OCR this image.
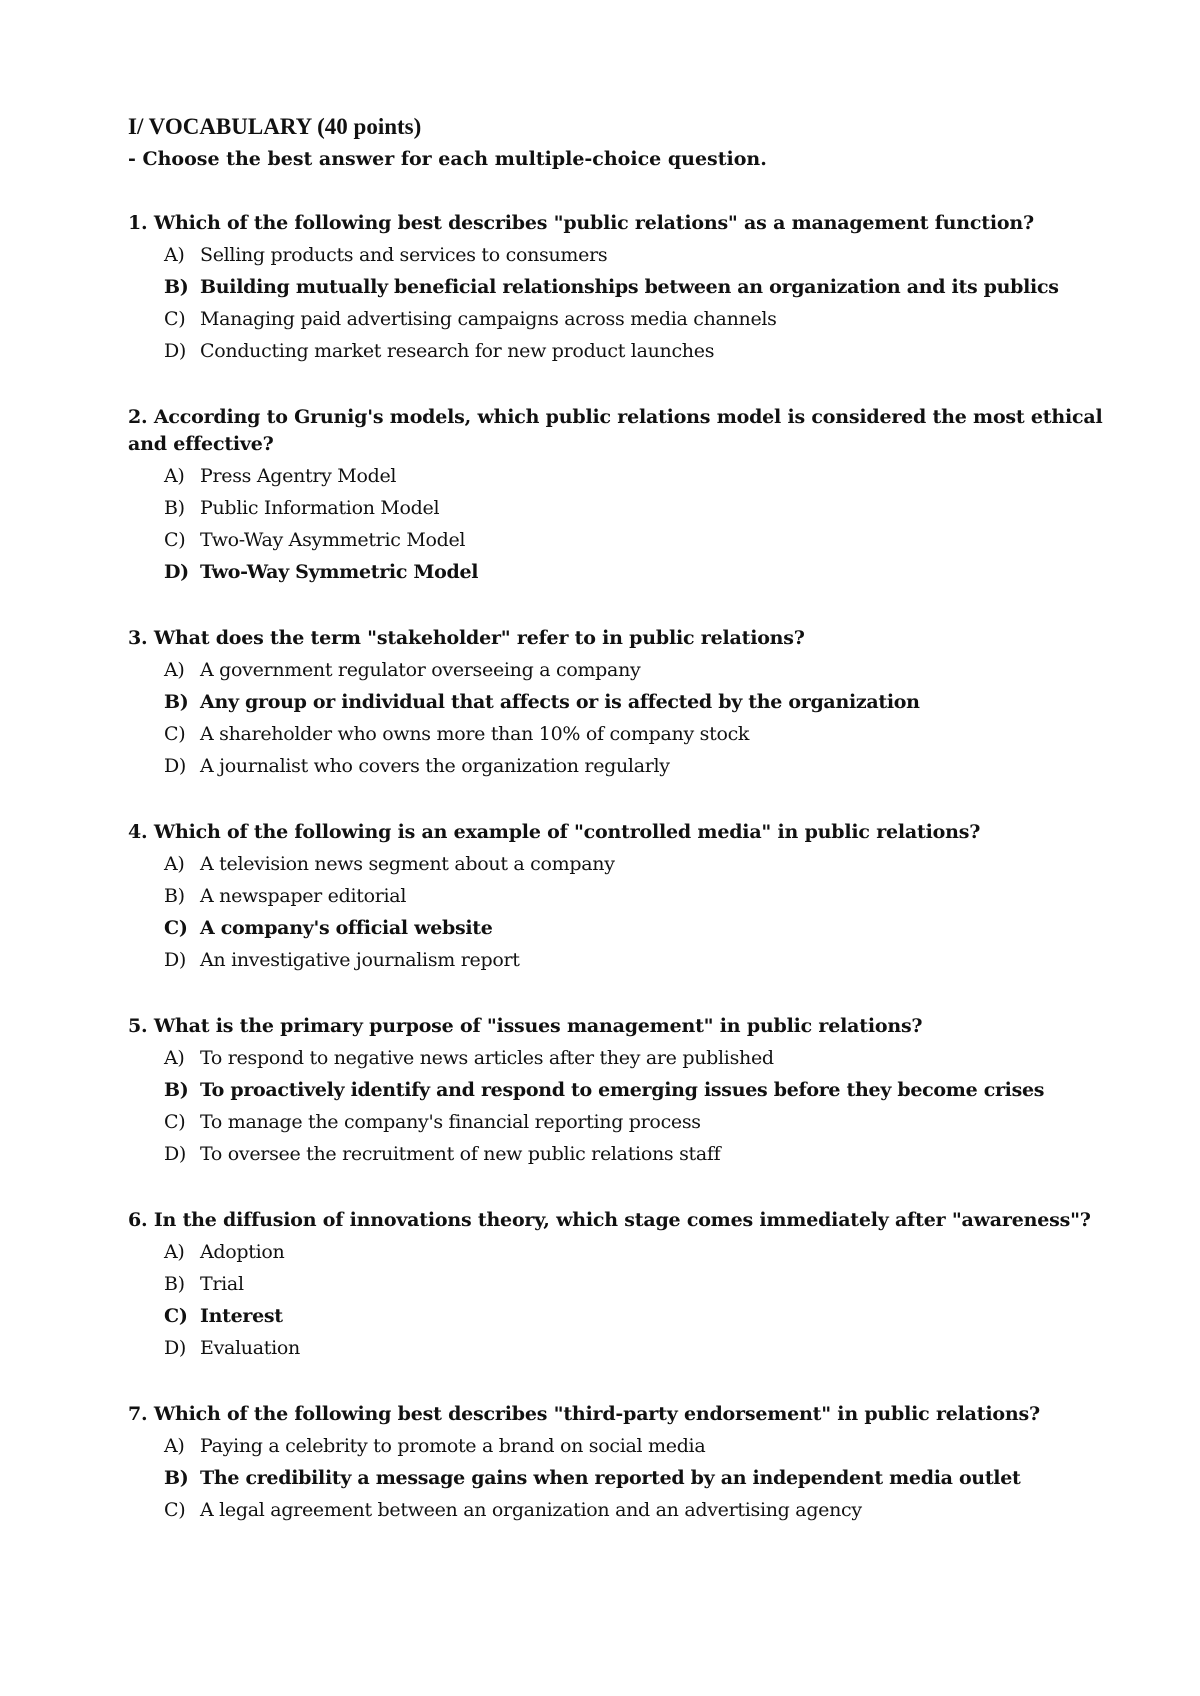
I/ VOCABULARY (40 points)

- Choose the best answer for each multiple-choice question.

1. Which of the following best describes "public relations" as a management function?
A) Selling products and services to consumers
B) Building mutually beneficial relationships between an organization and its publics
C) Managing paid advertising campaigns across media channels
D) Conducting market research for new product launches
2. According to Grunig's models, which public relations model is considered the most ethical and effective?
A) Press Agentry Model
B) Public Information Model
C) Two-Way Asymmetric Model
D) Two-Way Symmetric Model
3. What does the term "stakeholder" refer to in public relations?
A) A government regulator overseeing a company
B) Any group or individual that affects or is affected by the organization
C) A shareholder who owns more than 10% of company stock
D) A journalist who covers the organization regularly
4. Which of the following is an example of "controlled media" in public relations?
A) A television news segment about a company
B) A newspaper editorial
C) A company's official website
D) An investigative journalism report
5. What is the primary purpose of "issues management" in public relations?
A) To respond to negative news articles after they are published
B) To proactively identify and respond to emerging issues before they become crises
C) To manage the company's financial reporting process
D) To oversee the recruitment of new public relations staff
6. In the diffusion of innovations theory, which stage comes immediately after "awareness"?
A) Adoption
B) Trial
C) Interest
D) Evaluation
7. Which of the following best describes "third-party endorsement" in public relations?
A) Paying a celebrity to promote a brand on social media
B) The credibility a message gains when reported by an independent media outlet
C) A legal agreement between an organization and an advertising agency
